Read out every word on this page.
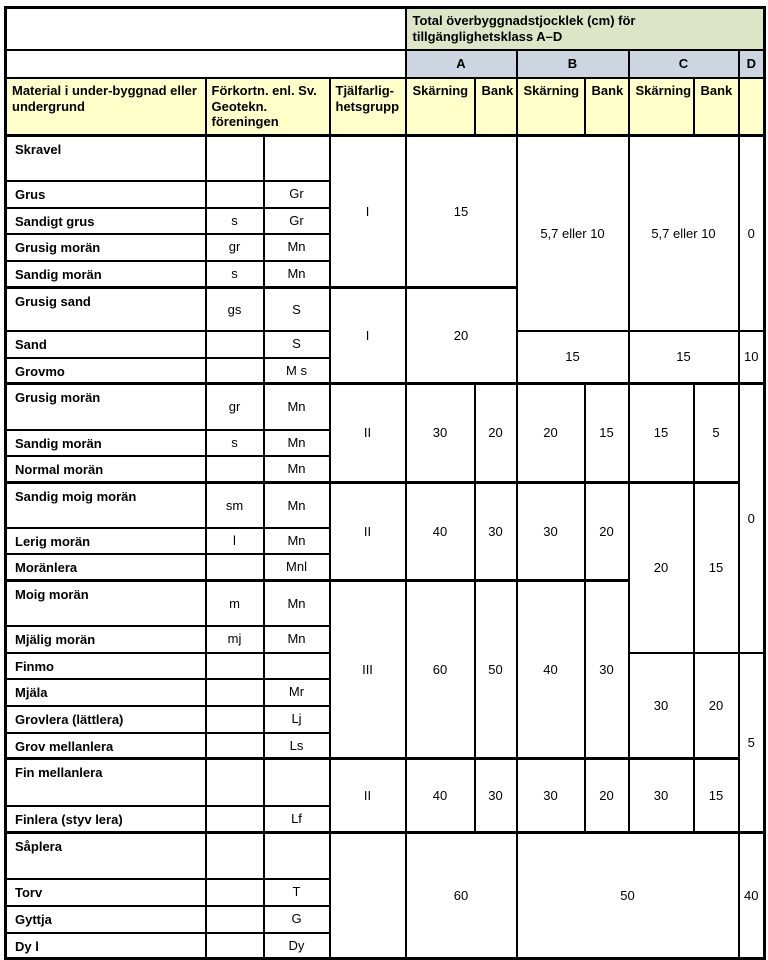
				Total överbyggnadstjocklek (cm) för tillgänglighetsklass A–D						
				A		B		C		D
Material i under-byggnad eller undergrund	Förkortn. enl. Sv. Geotekn. föreningen		Tjälfarlig-hetsgrupp	Skärning	Bank	Skärning	Bank	Skärning	Bank	
Skravel			I	15		5,7 eller 10		5,7 eller 10		0
Grus		Gr								
Sandigt grus	s	Gr								
Grusig morän	gr	Mn								
Sandig morän	s	Mn								
Grusig sand	gs	S	I	20						
Sand		S				15		15		10
Grovmo		M s								
Grusig morän	gr	Mn	II	30	20	20	15	15	5	0
Sandig morän	s	Mn								
Normal morän		Mn								
Sandig moig morän	sm	Mn	II	40	30	30	20	20	15	
Lerig morän	l	Mn								
Moränlera		Mnl								
Moig morän	m	Mn	III	60	50	40	30			
Mjälig morän	mj	Mn								
Finmo								30	20	5
Mjäla		Mr								
Grovlera (lättlera)		Lj								
Grov mellanlera		Ls								
Fin mellanlera			II	40	30	30	20	30	15	
Finlera (styv lera)		Lf								
Såplera				60		50				40
Torv		T								
Gyttja		G								
Dy l		Dy								
